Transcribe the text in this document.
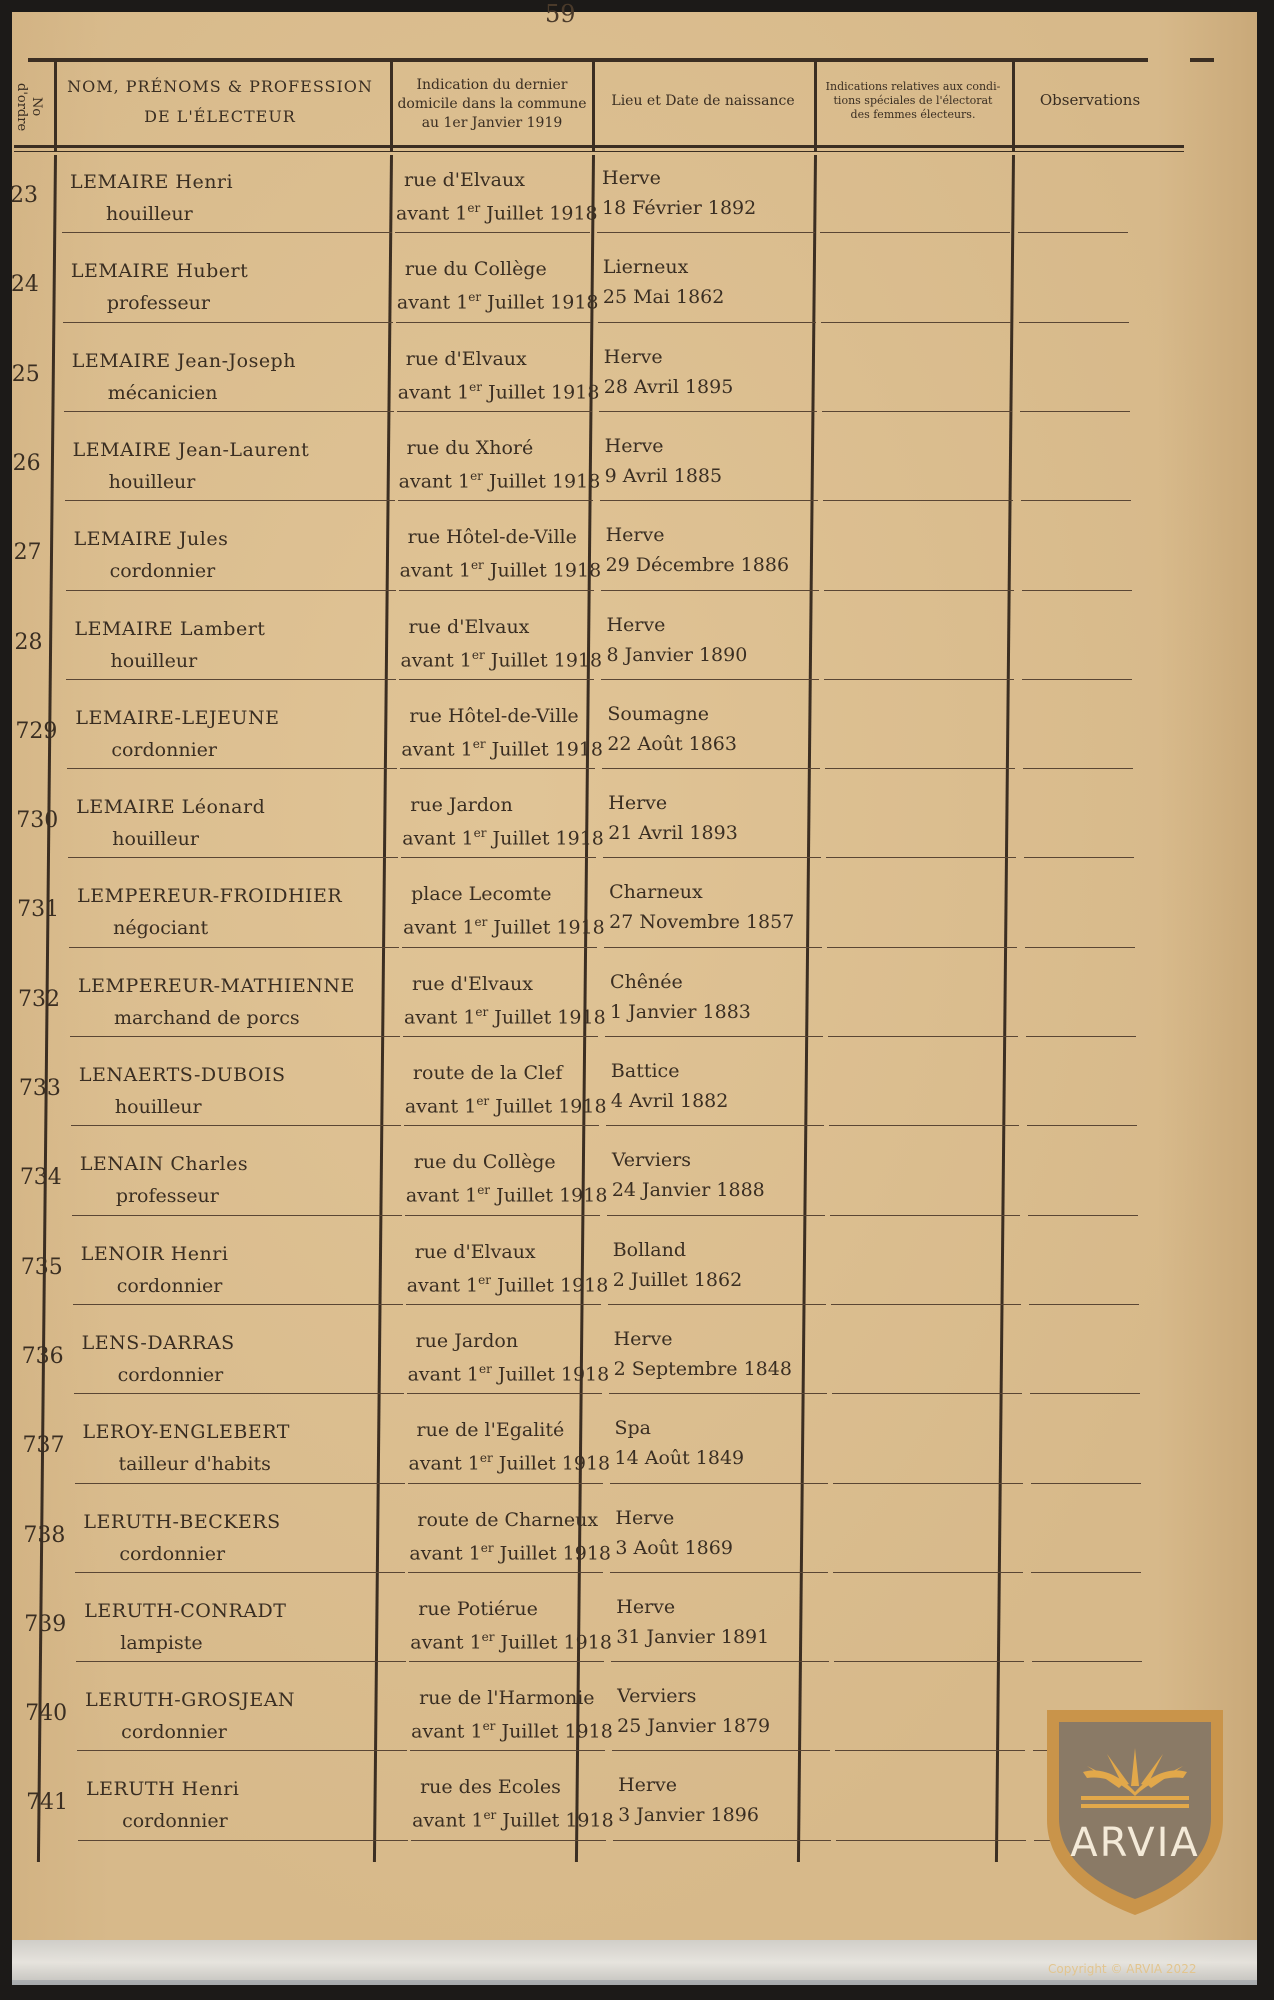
59
No d'ordre	NOM, PRÉNOMS & PROFESSION
DE L'ÉLECTEUR
Indication du dernier
domicile dans la commune
au 1er Janvier 1919
Lieu et Date de naissance
Indications relatives aux condi-
tions spéciales de l'électorat
des femmes électeurs.
Observations
23
LEMAIRE Henri
houilleur
rue d'Elvaux
avant 1er Juillet 1918
Herve
18 Février 1892
24
LEMAIRE Hubert
professeur
rue du Collège
avant 1er Juillet 1918
Lierneux
25 Mai 1862
25
LEMAIRE Jean-Joseph
mécanicien
rue d'Elvaux
avant 1er Juillet 1918
Herve
28 Avril 1895
26
LEMAIRE Jean-Laurent
houilleur
rue du Xhoré
avant 1er Juillet 1918
Herve
9 Avril 1885
27
LEMAIRE Jules
cordonnier
rue Hôtel-de-Ville
avant 1er Juillet 1918
Herve
29 Décembre 1886
28
LEMAIRE Lambert
houilleur
rue d'Elvaux
avant 1er Juillet 1918
Herve
8 Janvier 1890
729
LEMAIRE-LEJEUNE
cordonnier
rue Hôtel-de-Ville
avant 1er Juillet 1918
Soumagne
22 Août 1863
730
LEMAIRE Léonard
houilleur
rue Jardon
avant 1er Juillet 1918
Herve
21 Avril 1893
731
LEMPEREUR-FROIDHIER
négociant
place Lecomte
avant 1er Juillet 1918
Charneux
27 Novembre 1857
732
LEMPEREUR-MATHIENNE
marchand de porcs
rue d'Elvaux
avant 1er Juillet 1918
Chênée
1 Janvier 1883
733
LENAERTS-DUBOIS
houilleur
route de la Clef
avant 1er Juillet 1918
Battice
4 Avril 1882
734
LENAIN Charles
professeur
rue du Collège
avant 1er Juillet 1918
Verviers
24 Janvier 1888
735
LENOIR Henri
cordonnier
rue d'Elvaux
avant 1er Juillet 1918
Bolland
2 Juillet 1862
736
LENS-DARRAS
cordonnier
rue Jardon
avant 1er Juillet 1918
Herve
2 Septembre 1848
737
LEROY-ENGLEBERT
tailleur d'habits
rue de l'Egalité
avant 1er Juillet 1918
Spa
14 Août 1849
738
LERUTH-BECKERS
cordonnier
route de Charneux
avant 1er Juillet 1918
Herve
3 Août 1869
739
LERUTH-CONRADT
lampiste
rue Potiérue
avant 1er Juillet 1918
Herve
31 Janvier 1891
740
LERUTH-GROSJEAN
cordonnier
rue de l'Harmonie
avant 1er Juillet 1918
Verviers
25 Janvier 1879
741
LERUTH Henri
cordonnier
rue des Ecoles
avant 1er Juillet 1918
Herve
3 Janvier 1896
ARVIA
Copyright © ARVIA 2022
